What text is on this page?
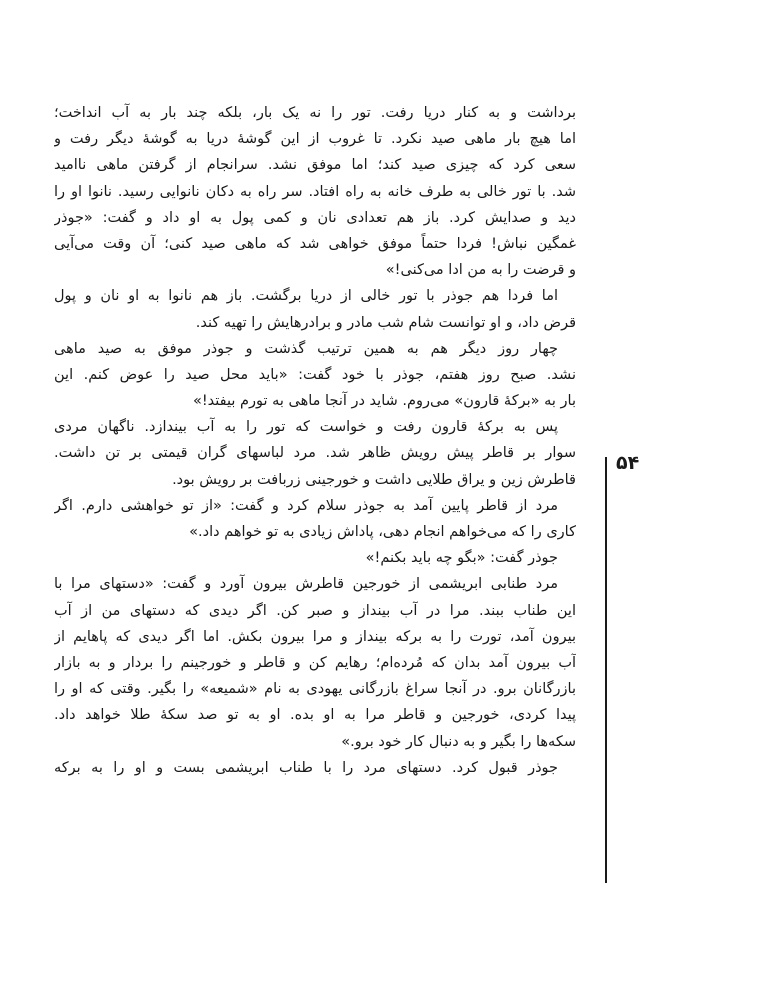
برداشت و به کنار دریا رفت. تور را نه یک بار، بلکه چند بار به آب انداخت؛
اما هیچ بار ماهی صید نکرد. تا غروب از این گوشهٔ دریا به گوشهٔ دیگر رفت و
سعی کرد که چیزی صید کند؛ اما موفق نشد. سرانجام از گرفتن ماهی ناامید
شد. با تور خالی به طرف خانه به راه افتاد. سر راه به دکان نانوایی رسید. نانوا او را
دید و صدایش کرد. باز هم تعدادی نان و کمی پول به او داد و گفت: «جوذر
غمگین نباش! فردا حتماً موفق خواهی شد که ماهی صید کنی؛ آن وقت می‌آیی
و قرضت را به من ادا می‌کنی!»
اما فردا هم جوذر با تور خالی از دریا برگشت. باز هم نانوا به او نان و پول
قرض داد، و او توانست شام شب مادر و برادرهایش را تهیه کند.
چهار روز دیگر هم به همین ترتیب گذشت و جوذر موفق به صید ماهی
نشد. صبح روز هفتم، جوذر با خود گفت: «باید محل صید را عوض کنم. این
بار به «برکهٔ قارون» می‌روم. شاید در آنجا ماهی به تورم بیفتد!»
پس به برکهٔ قارون رفت و خواست که تور را به آب بیندازد. ناگهان مردی
سوار بر قاطر پیش رویش ظاهر شد. مرد لباسهای گران قیمتی بر تن داشت.
قاطرش زین و یراق طلایی داشت و خورجینی زربافت بر رویش بود.
مرد از قاطر پایین آمد به جوذر سلام کرد و گفت: «از تو خواهشی دارم. اگر
کاری را که می‌خواهم انجام دهی، پاداش زیادی به تو خواهم داد.»
جوذر گفت: «بگو چه باید بکنم!»
مرد طنابی ابریشمی از خورجین قاطرش بیرون آورد و گفت: «دستهای مرا با
این طناب ببند. مرا در آب بینداز و صبر کن. اگر دیدی که دستهای من از آب
بیرون آمد، تورت را به برکه بینداز و مرا بیرون بکش. اما اگر دیدی که پاهایم از
آب بیرون آمد بدان که مُرده‌ام؛ رهایم کن و قاطر و خورجینم را بردار و به بازار
بازرگانان برو. در آنجا سراغ بازرگانی یهودی به نام «شمیعه» را بگیر. وقتی که او را
پیدا کردی، خورجین و قاطر مرا به او بده. او به تو صد سکهٔ طلا خواهد داد.
سکه‌ها را بگیر و به دنبال کار خود برو.»
جوذر قبول کرد. دستهای مرد را با طناب ابریشمی بست و او را به برکه
۵۴
